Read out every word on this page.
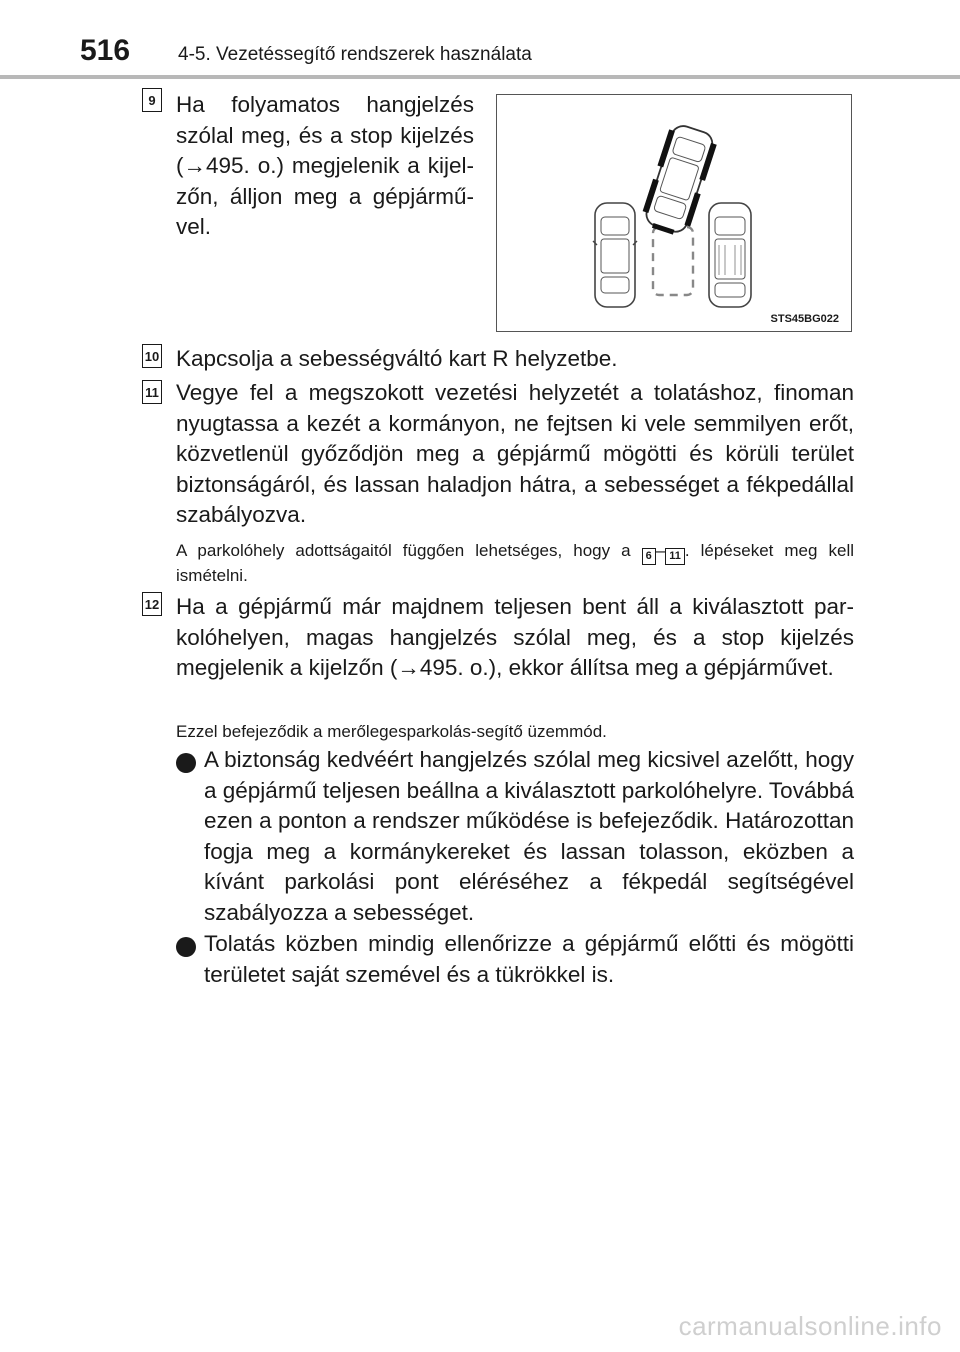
516	4-5. Vezetéssegítő rendszerek használata
9 Ha folyamatos hangjelzés szólal meg, és a stop kijelzés (→495. o.) megjelenik a kijelzőn, álljon meg a gépjárművel.

STS45BG022
10 Kapcsolja a sebességváltó kart R helyzetbe.

11 Vegye fel a megszokott vezetési helyzetét a tolatáshoz, finoman nyugtassa a kezét a kormányon, ne fejtsen ki vele semmilyen erőt, közvetlenül győződjön meg a gépjármű mögötti és körüli terület biztonságáról, és lassan haladjon hátra, a sebességet a fékpedállal szabályozva.

A parkolóhely adottságaitól függően lehetséges, hogy a 6 – 11 . lépéseket meg kell ismételni.

12 Ha a gépjármű már majdnem teljesen bent áll a kiválasztott parkolóhelyen, magas hangjelzés szólal meg, és a stop kijelzés megjelenik a kijelzőn (→495. o.), ekkor állítsa meg a gépjárművet.

Ezzel befejeződik a merőlegesparkolás-segítő üzemmód.

A biztonság kedvéért hangjelzés szólal meg kicsivel azelőtt, hogy a gépjármű teljesen beállna a kiválasztott parkolóhelyre. Továbbá ezen a ponton a rendszer működése is befejeződik. Határozottan fogja meg a kormánykereket és lassan tolasson, eközben a kívánt parkolási pont eléréséhez a fékpedál segítségével szabályozza a sebességet.

Tolatás közben mindig ellenőrizze a gépjármű előtti és mögötti területet saját szemével és a tükrökkel is.

carmanualsonline.info
